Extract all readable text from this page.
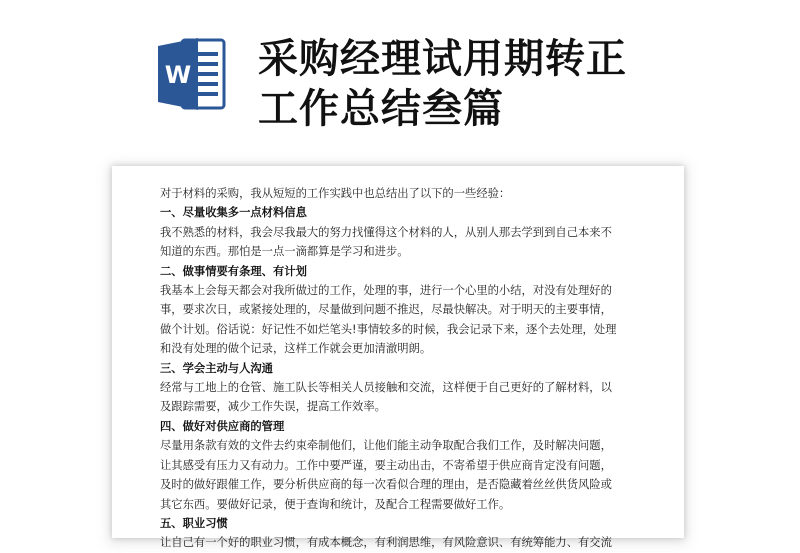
W 采购经理试用期转正
工作总结叁篇

对于材料的采购，我从短短的工作实践中也总结出了以下的一些经验：

一、尽量收集多一点材料信息

我不熟悉的材料，我会尽我最大的努力找懂得这个材料的人，从别人那去学到到自己本来不

知道的东西。那怕是一点一滴都算是学习和进步。

二、做事情要有条理、有计划

我基本上会每天都会对我所做过的工作，处理的事，进行一个心里的小结，对没有处理好的

事，要求次日，或紧接处理的，尽量做到问题不推迟，尽最快解决。对于明天的主要事情，

做个计划。俗话说：好记性不如烂笔头!事情较多的时候，我会记录下来，逐个去处理，处理

和没有处理的做个记录，这样工作就会更加清澈明朗。

三、学会主动与人沟通

经常与工地上的仓管、施工队长等相关人员接触和交流，这样便于自己更好的了解材料，以

及跟踪需要，减少工作失误，提高工作效率。

四、做好对供应商的管理

尽量用条款有效的文件去约束牵制他们，让他们能主动争取配合我们工作，及时解决问题，

让其感受有压力又有动力。工作中要严谨，要主动出击，不寄希望于供应商肯定没有问题，

及时的做好跟催工作，要分析供应商的每一次看似合理的理由，是否隐藏着丝丝供货风险或

其它东西。要做好记录，便于查询和统计，及配合工程需要做好工作。

五、职业习惯

让自己有一个好的职业习惯，有成本概念，有利润思维，有风险意识、有统筹能力、有交流
